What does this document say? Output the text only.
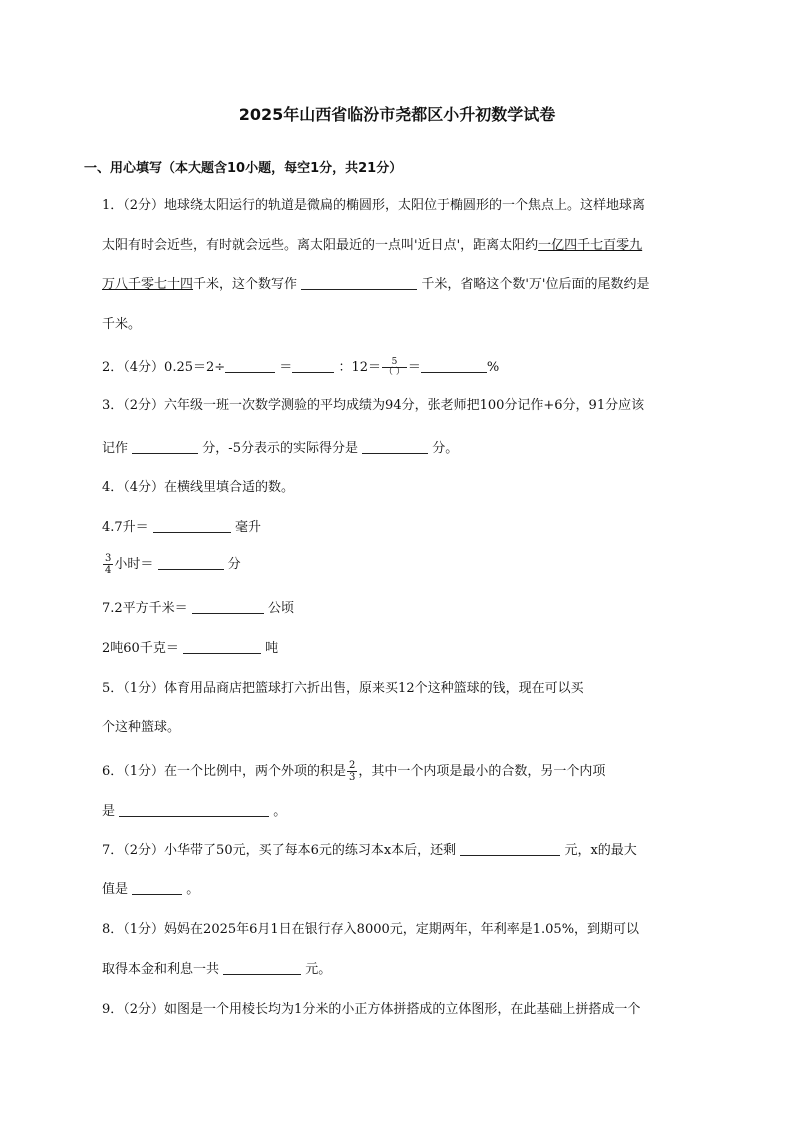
2025年山西省临汾市尧都区小升初数学试卷
一、用心填写（本大题含10小题，每空1分，共21分）
1．（2分）地球绕太阳运行的轨道是微扁的椭圆形，太阳位于椭圆形的一个焦点上。这样地球离
太阳有时会近些，有时就会远些。离太阳最近的一点叫'近日点'，距离太阳约一亿四千七百零九
万八千零七十四千米，这个数写作	千米，省略这个数'万'位后面的尾数约是
千米。
2．（4分）0.25＝2÷	＝	：$12= \frac{5}{( )}$ ＝	%
3．（2分）六年级一班一次数学测验的平均成绩为94分，张老师把100分记作+6分，91分应该
记作	分，-5分表示的实际得分是	分。
4．（4分）在横线里填合适的数。
4.7升＝	毫升
$\frac{3}{4}$ 小时＝	分
7.2平方千米＝	公顷
2吨60千克＝	吨
5．（1分）体育用品商店把篮球打六折出售，原来买12个这种篮球的钱，现在可以买
个这种篮球。
6．（1分）在一个比例中，两个外项的积是 $\frac{2}{3}$ ，其中一个内项是最小的合数，另一个内项
是	。
7．（2分）小华带了50元，买了每本6元的练习本x本后，还剩	元，x的最大
值是	。
8．（1分）妈妈在2025年6月1日在银行存入8000元，定期两年，年利率是1.05%，到期可以
取得本金和利息一共	元。
9．（2分）如图是一个用棱长均为1分米的小正方体拼搭成的立体图形，在此基础上拼搭成一个
